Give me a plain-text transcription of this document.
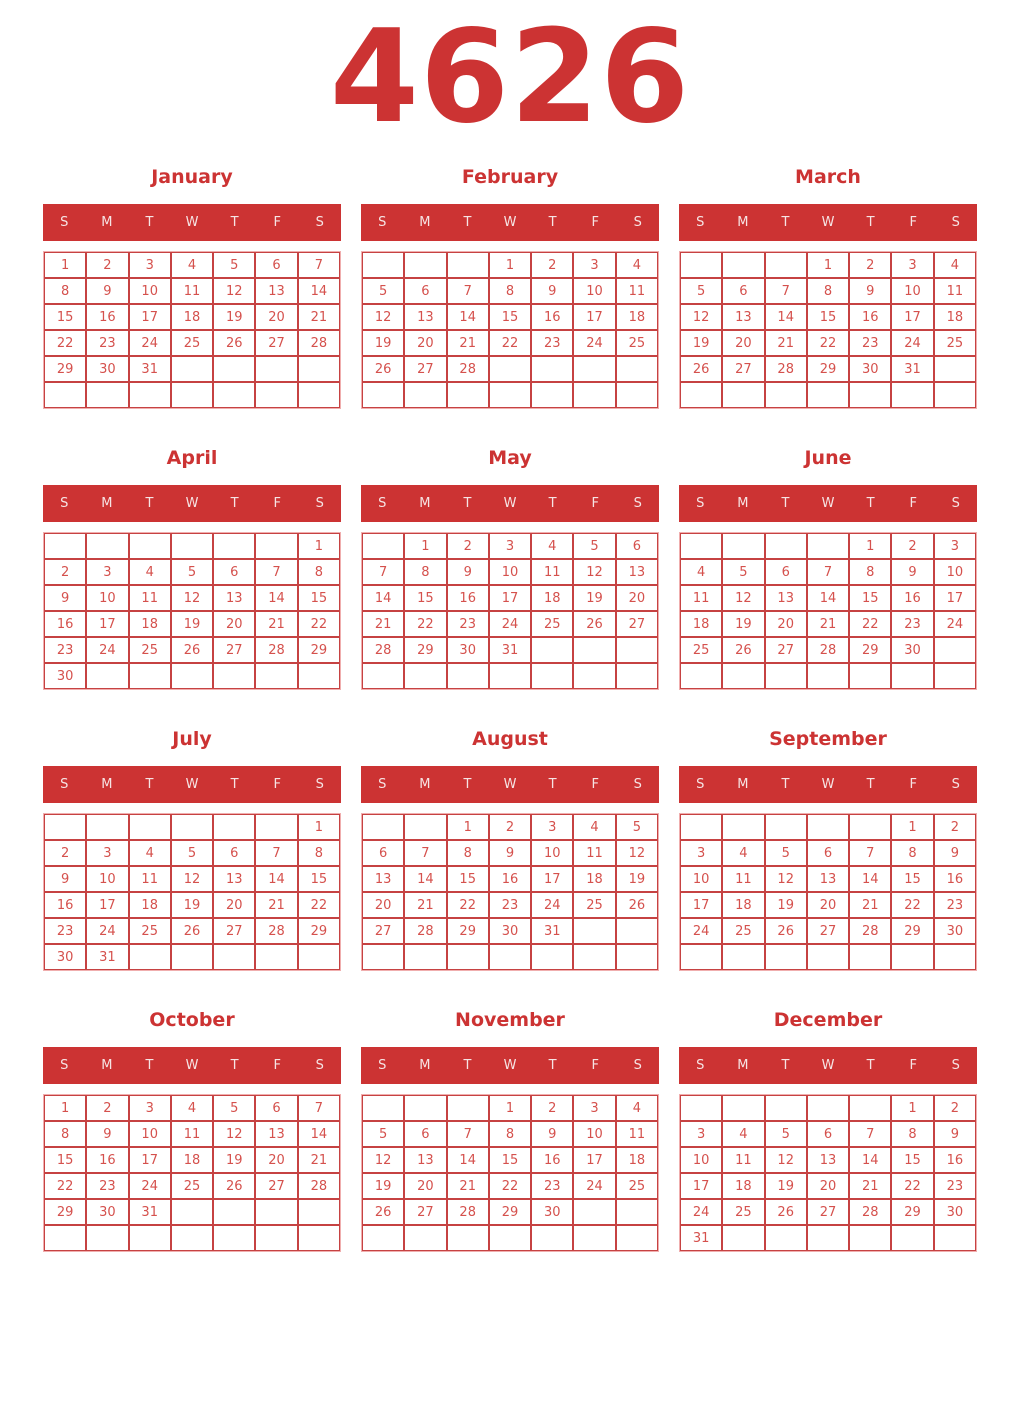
4626
January
S	M	T	W	T	F	S
1	2	3	4	5	6	7
8	9	10	11	12	13	14
15	16	17	18	19	20	21
22	23	24	25	26	27	28
29	30	31				

February
S	M	T	W	T	F	S
			1	2	3	4
5	6	7	8	9	10	11
12	13	14	15	16	17	18
19	20	21	22	23	24	25
26	27	28				

March
S	M	T	W	T	F	S
			1	2	3	4
5	6	7	8	9	10	11
12	13	14	15	16	17	18
19	20	21	22	23	24	25
26	27	28	29	30	31	

April
S	M	T	W	T	F	S
						1
2	3	4	5	6	7	8
9	10	11	12	13	14	15
16	17	18	19	20	21	22
23	24	25	26	27	28	29
30						
May
S	M	T	W	T	F	S
	1	2	3	4	5	6
7	8	9	10	11	12	13
14	15	16	17	18	19	20
21	22	23	24	25	26	27
28	29	30	31			

June
S	M	T	W	T	F	S
				1	2	3
4	5	6	7	8	9	10
11	12	13	14	15	16	17
18	19	20	21	22	23	24
25	26	27	28	29	30	

July
S	M	T	W	T	F	S
						1
2	3	4	5	6	7	8
9	10	11	12	13	14	15
16	17	18	19	20	21	22
23	24	25	26	27	28	29
30	31					
August
S	M	T	W	T	F	S
		1	2	3	4	5
6	7	8	9	10	11	12
13	14	15	16	17	18	19
20	21	22	23	24	25	26
27	28	29	30	31		

September
S	M	T	W	T	F	S
					1	2
3	4	5	6	7	8	9
10	11	12	13	14	15	16
17	18	19	20	21	22	23
24	25	26	27	28	29	30

October
S	M	T	W	T	F	S
1	2	3	4	5	6	7
8	9	10	11	12	13	14
15	16	17	18	19	20	21
22	23	24	25	26	27	28
29	30	31				

November
S	M	T	W	T	F	S
			1	2	3	4
5	6	7	8	9	10	11
12	13	14	15	16	17	18
19	20	21	22	23	24	25
26	27	28	29	30		

December
S	M	T	W	T	F	S
					1	2
3	4	5	6	7	8	9
10	11	12	13	14	15	16
17	18	19	20	21	22	23
24	25	26	27	28	29	30
31						
